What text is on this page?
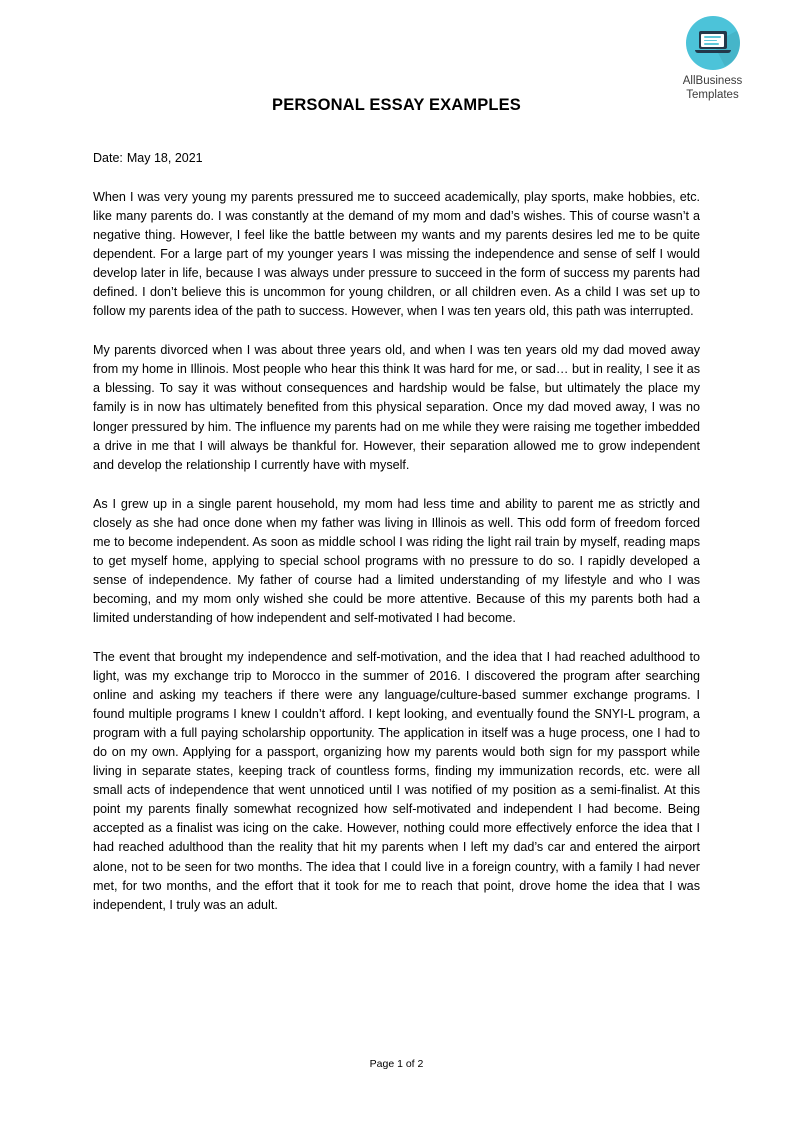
AllBusiness
Templates
PERSONAL ESSAY EXAMPLES
Date: May 18, 2021

When I was very young my parents pressured me to succeed academically, play sports, make hobbies, etc. like many parents do. I was constantly at the demand of my mom and dad’s wishes. This of course wasn’t a negative thing. However, I feel like the battle between my wants and my parents desires led me to be quite dependent. For a large part of my younger years I was missing the independence and sense of self I would develop later in life, because I was always under pressure to succeed in the form of success my parents had defined. I don’t believe this is uncommon for young children, or all children even. As a child I was set up to follow my parents idea of the path to success. However, when I was ten years old, this path was interrupted.

My parents divorced when I was about three years old, and when I was ten years old my dad moved away from my home in Illinois. Most people who hear this think It was hard for me, or sad… but in reality, I see it as a blessing. To say it was without consequences and hardship would be false, but ultimately the place my family is in now has ultimately benefited from this physical separation. Once my dad moved away, I was no longer pressured by him. The influence my parents had on me while they were raising me together imbedded a drive in me that I will always be thankful for. However, their separation allowed me to grow independent and develop the relationship I currently have with myself.

As I grew up in a single parent household, my mom had less time and ability to parent me as strictly and closely as she had once done when my father was living in Illinois as well. This odd form of freedom forced me to become independent. As soon as middle school I was riding the light rail train by myself, reading maps to get myself home, applying to special school programs with no pressure to do so. I rapidly developed a sense of independence. My father of course had a limited understanding of my lifestyle and who I was becoming, and my mom only wished she could be more attentive. Because of this my parents both had a limited understanding of how independent and self-motivated I had become.

The event that brought my independence and self-motivation, and the idea that I had reached adulthood to light, was my exchange trip to Morocco in the summer of 2016. I discovered the program after searching online and asking my teachers if there were any language/culture-based summer exchange programs. I found multiple programs I knew I couldn’t afford. I kept looking, and eventually found the SNYI-L program, a program with a full paying scholarship opportunity. The application in itself was a huge process, one I had to do on my own. Applying for a passport, organizing how my parents would both sign for my passport while living in separate states, keeping track of countless forms, finding my immunization records, etc. were all small acts of independence that went unnoticed until I was notified of my position as a semi-finalist. At this point my parents finally somewhat recognized how self-motivated and independent I had become. Being accepted as a finalist was icing on the cake. However, nothing could more effectively enforce the idea that I had reached adulthood than the reality that hit my parents when I left my dad’s car and entered the airport alone, not to be seen for two months. The idea that I could live in a foreign country, with a family I had never met, for two months, and the effort that it took for me to reach that point, drove home the idea that I was independent, I truly was an adult.

Page 1 of 2
